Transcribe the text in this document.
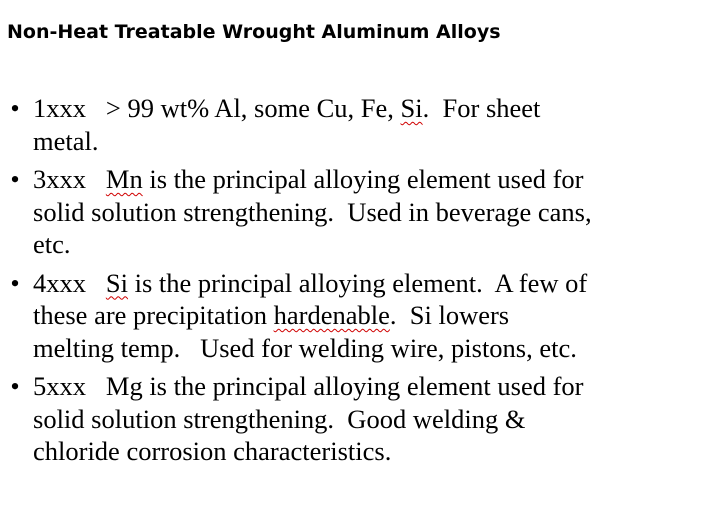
Non-Heat Treatable Wrought Aluminum Alloys
• 1xxx   > 99 wt% Al, some Cu, Fe, Si.  For sheet
metal.
• 3xxx   Mn is the principal alloying element used for
solid solution strengthening.  Used in beverage cans,
etc.
• 4xxx   Si is the principal alloying element.  A few of
these are precipitation hardenable.  Si lowers
melting temp.   Used for welding wire, pistons, etc.
• 5xxx   Mg is the principal alloying element used for
solid solution strengthening.  Good welding &
chloride corrosion characteristics.
